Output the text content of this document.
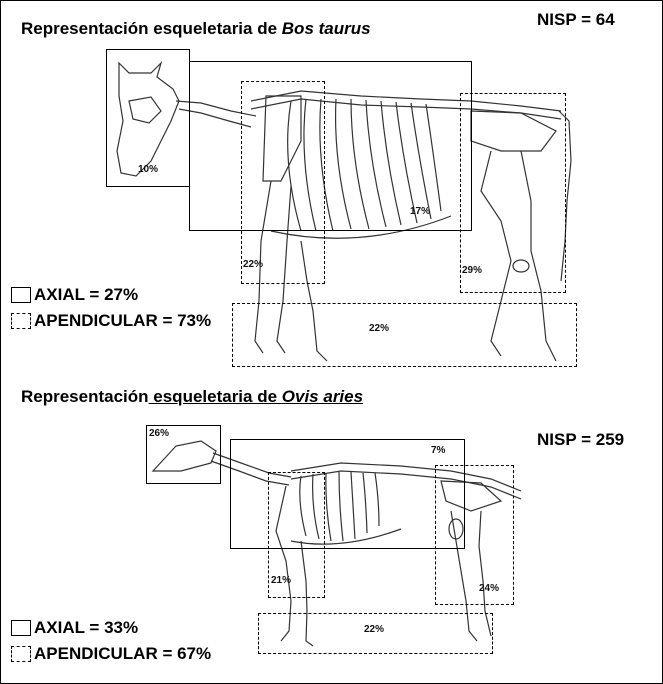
Representación esqueletaria de Bos taurus	NISP = 64
10%
17%
22%
29%
22%
AXIAL = 27%
APENDICULAR = 73%
Representación esqueletaria de Ovis aries
NISP = 259
26%
7%
21%
24%
22%
AXIAL = 33%
APENDICULAR = 67%
